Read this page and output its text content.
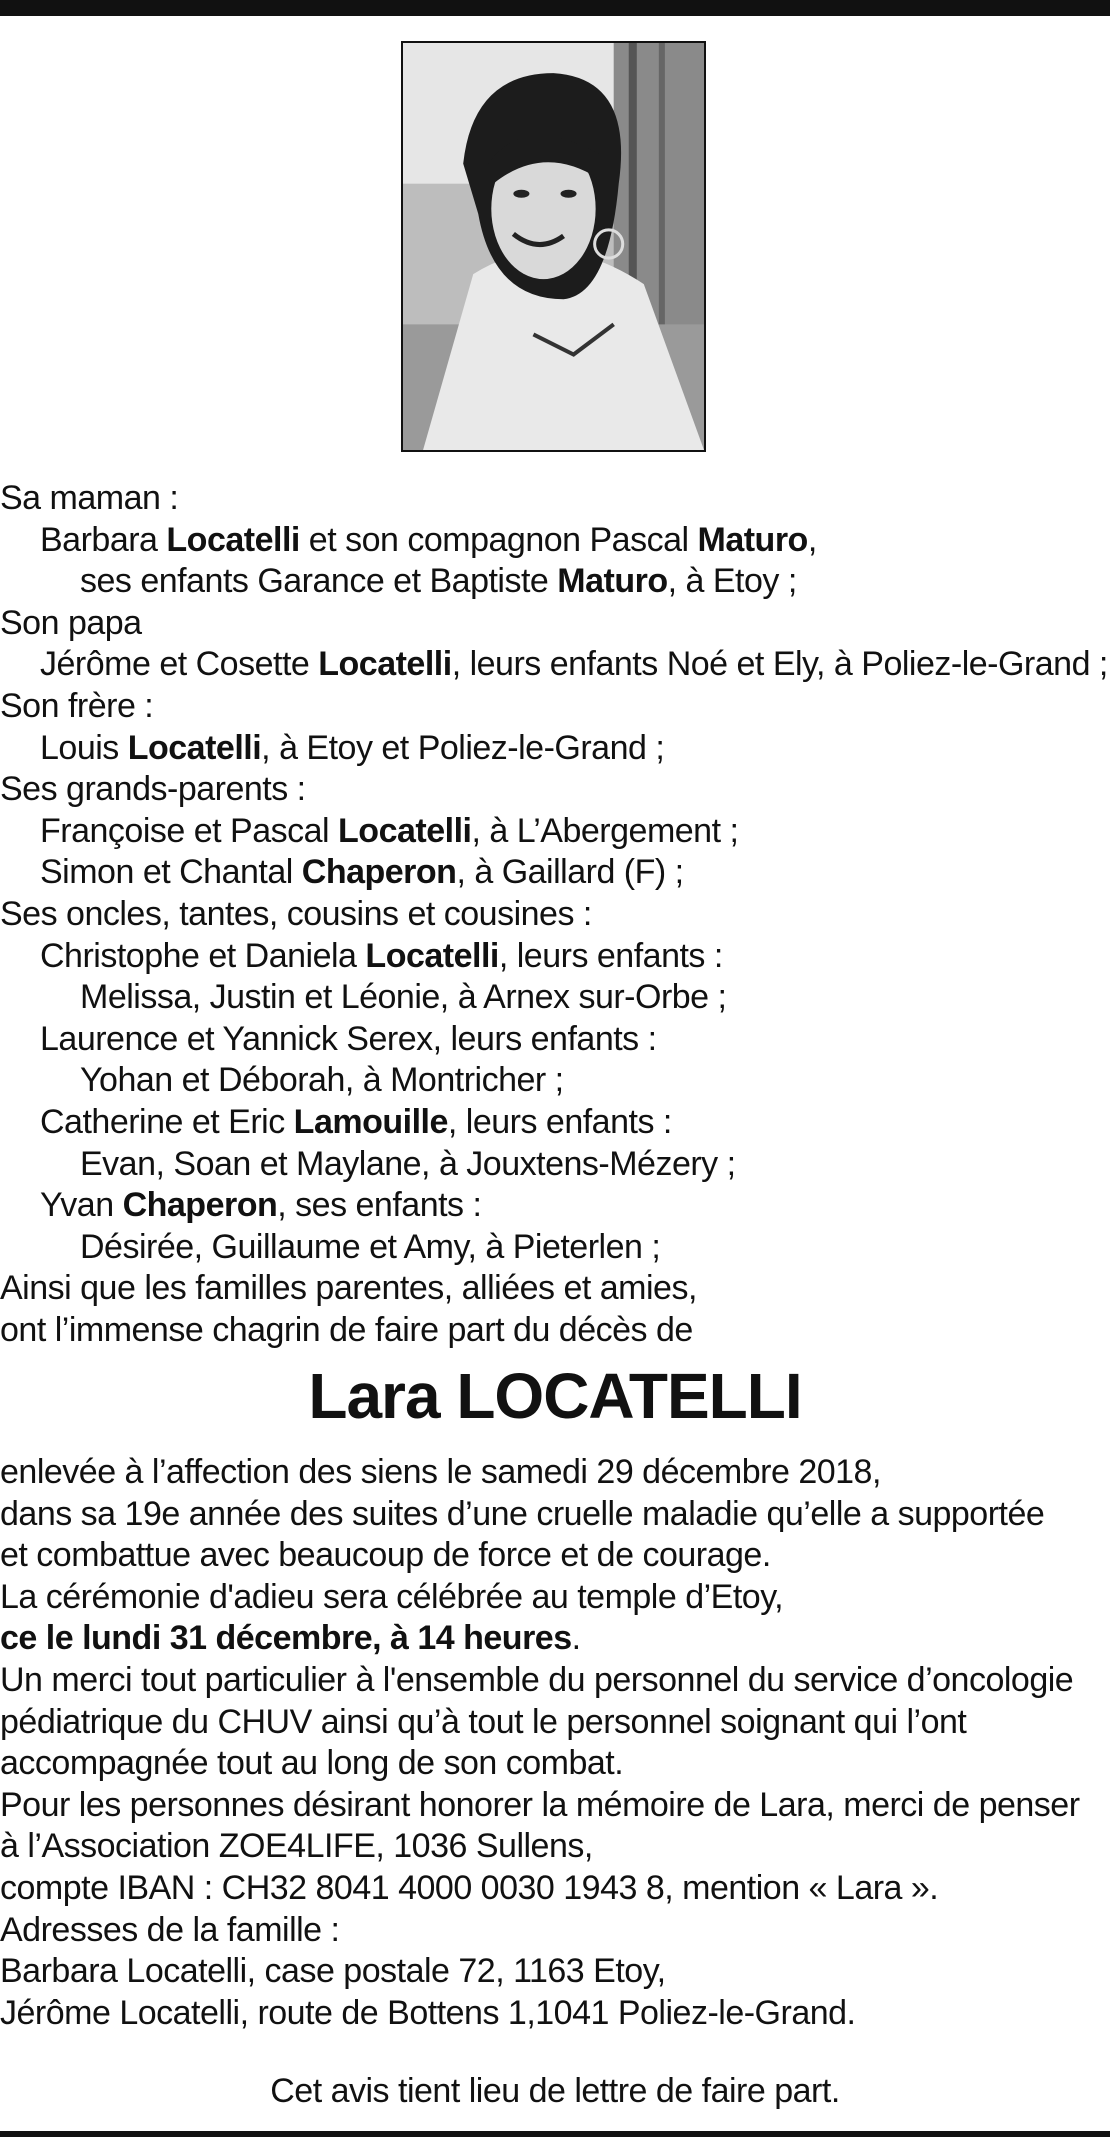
Sa maman :
Barbara Locatelli et son compagnon Pascal Maturo,
ses enfants Garance et Baptiste Maturo, à Etoy ;
Son papa
Jérôme et Cosette Locatelli, leurs enfants Noé et Ely, à Poliez-le-Grand ;
Son frère :
Louis Locatelli, à Etoy et Poliez-le-Grand ;
Ses grands-parents :
Françoise et Pascal Locatelli, à L’Abergement ;
Simon et Chantal Chaperon, à Gaillard (F) ;
Ses oncles, tantes, cousins et cousines :
Christophe et Daniela Locatelli, leurs enfants :
Melissa, Justin et Léonie, à Arnex sur-Orbe ;
Laurence et Yannick Serex, leurs enfants :
Yohan et Déborah, à Montricher ;
Catherine et Eric Lamouille, leurs enfants :
Evan, Soan et Maylane, à Jouxtens-Mézery ;
Yvan Chaperon, ses enfants :
Désirée, Guillaume et Amy, à Pieterlen ;
Ainsi que les familles parentes, alliées et amies,
ont l’immense chagrin de faire part du décès de
Lara LOCATELLI
enlevée à l’affection des siens le samedi 29 décembre 2018,
dans sa 19e année des suites d’une cruelle maladie qu’elle a supportée
et combattue avec beaucoup de force et de courage.
La cérémonie d'adieu sera célébrée au temple d’Etoy,
ce le lundi 31 décembre, à 14 heures.
Un merci tout particulier à l'ensemble du personnel du service d’oncologie
pédiatrique du CHUV ainsi qu’à tout le personnel soignant qui l’ont
accompagnée tout au long de son combat.
Pour les personnes désirant honorer la mémoire de Lara, merci de penser
à l’Association ZOE4LIFE, 1036 Sullens,
compte IBAN : CH32 8041 4000 0030 1943 8, mention « Lara ».
Adresses de la famille :
Barbara Locatelli, case postale 72, 1163 Etoy,
Jérôme Locatelli, route de Bottens 1,1041 Poliez-le-Grand.
Cet avis tient lieu de lettre de faire part.
